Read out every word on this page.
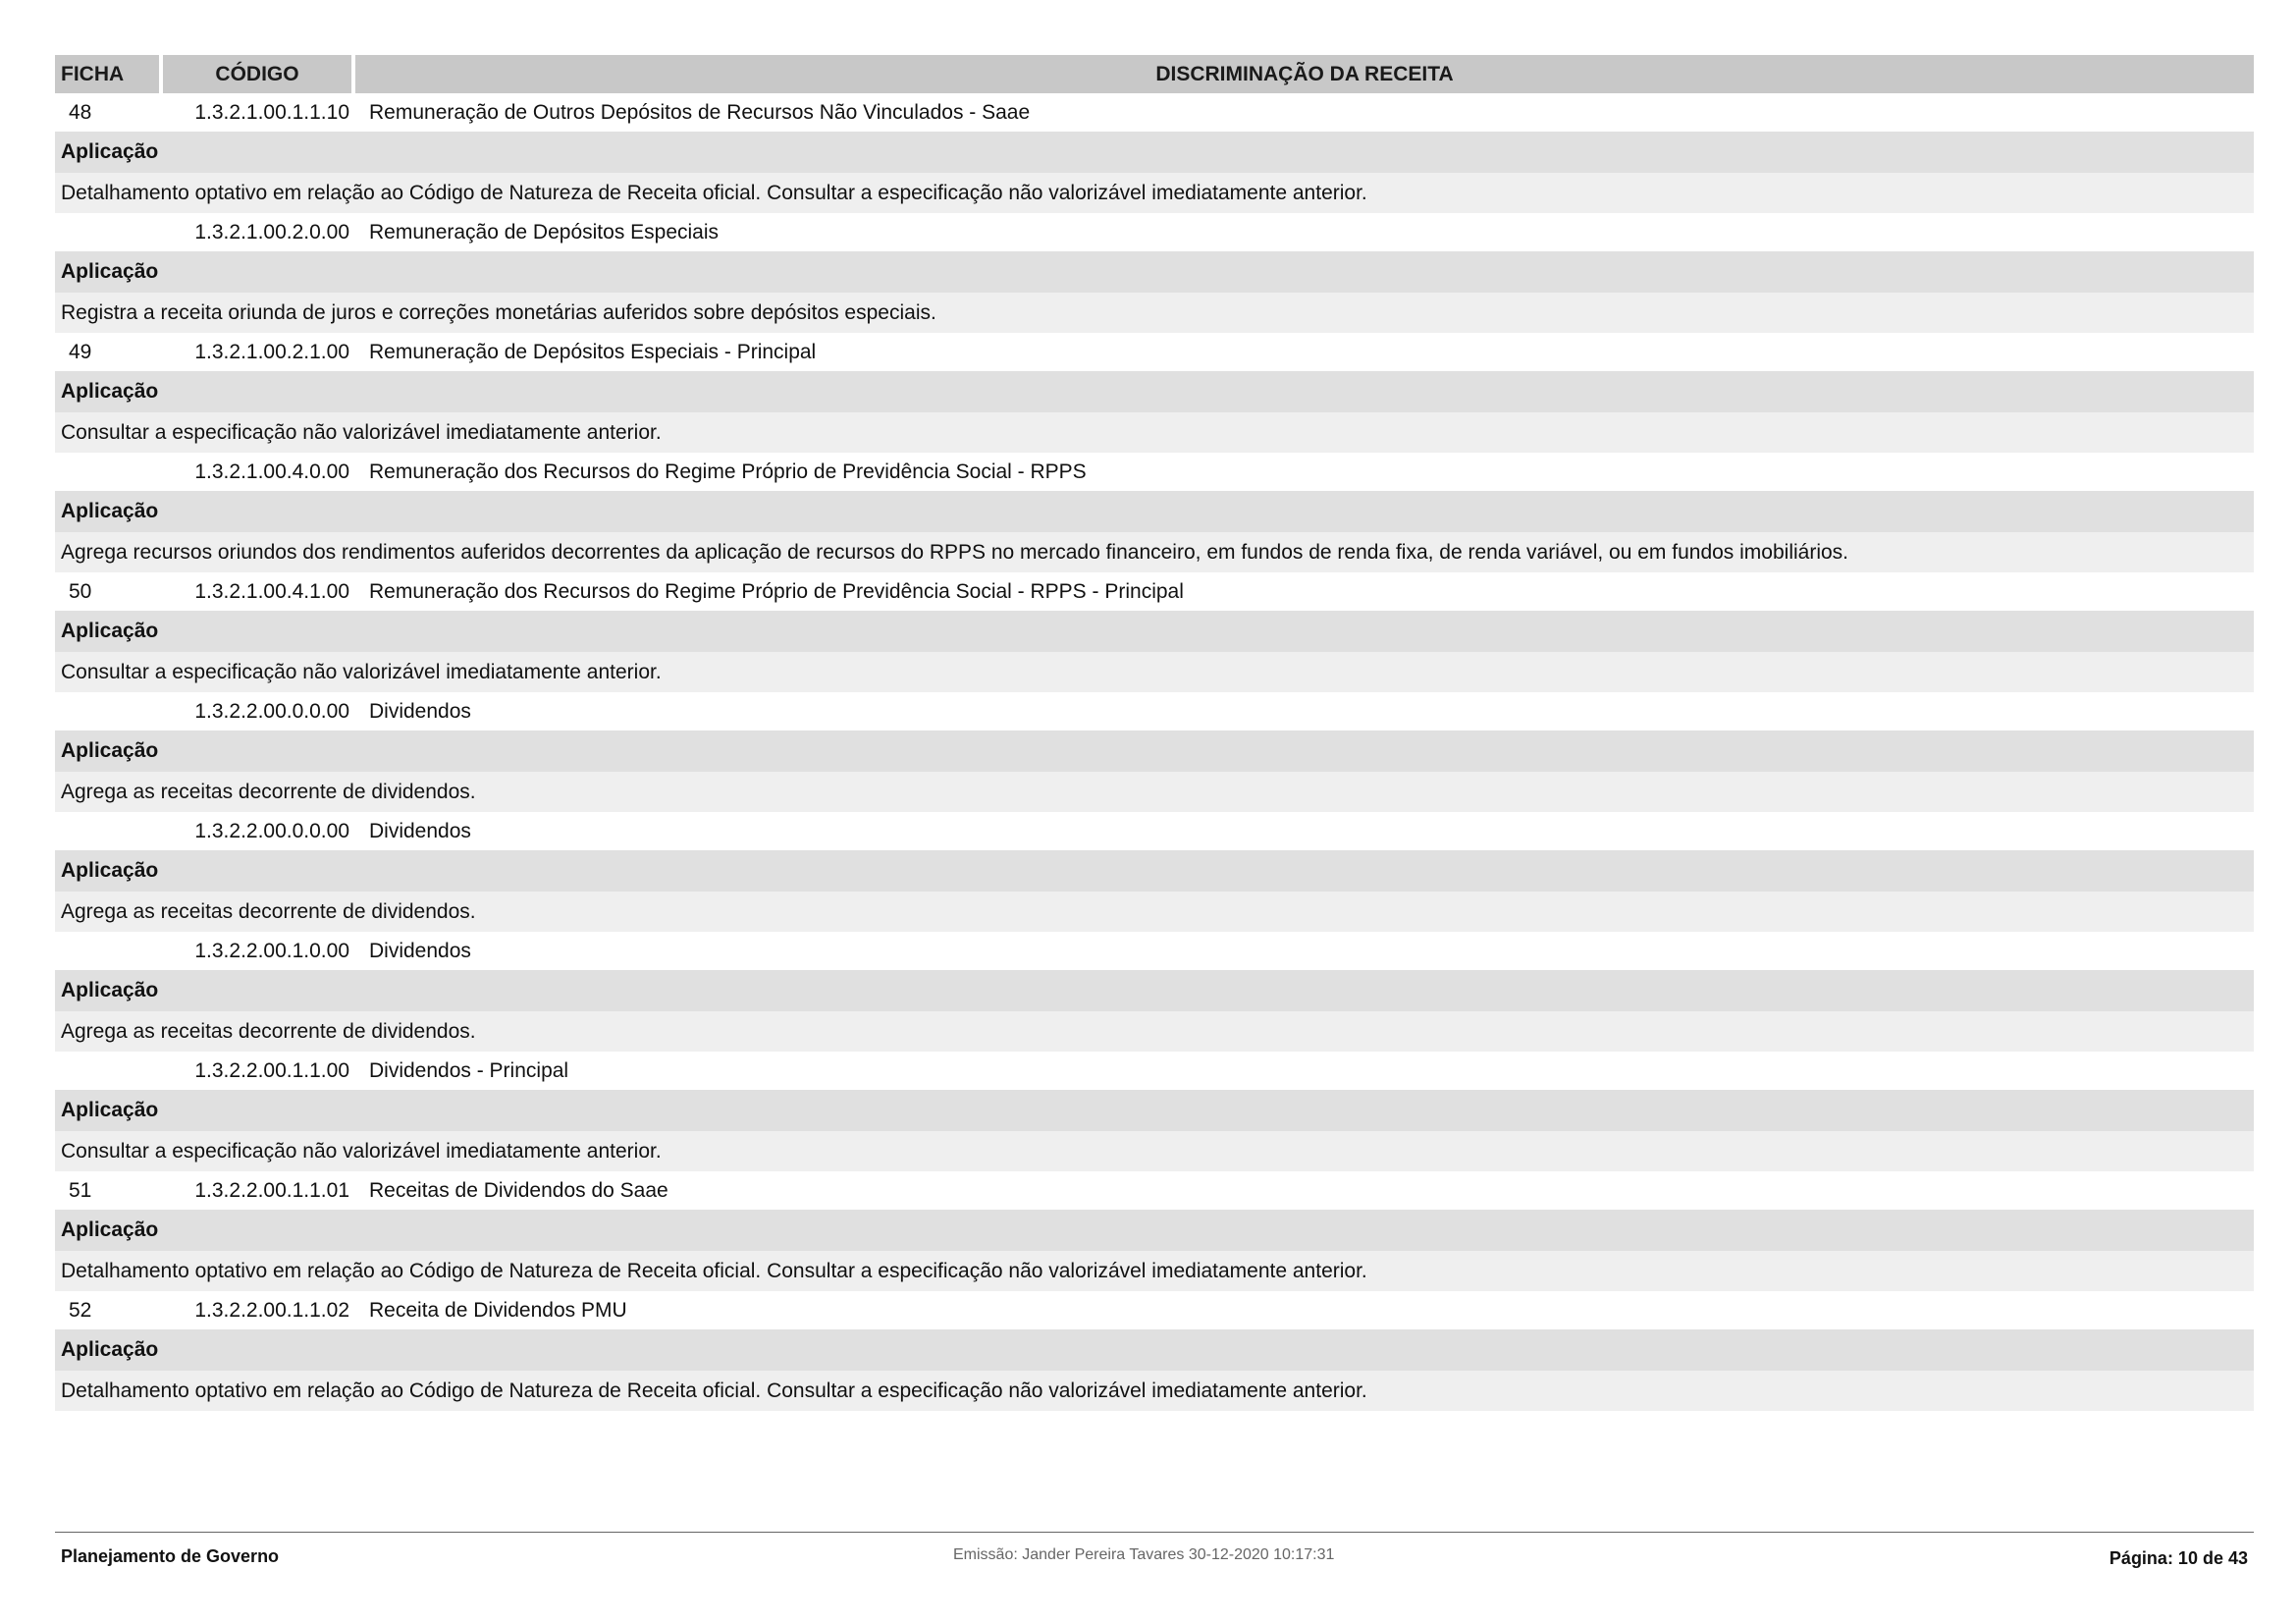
FICHA	CÓDIGO	DISCRIMINAÇÃO DA RECEITA
48	1.3.2.1.00.1.1.10 Remuneração de Outros Depósitos de Recursos Não Vinculados - Saae
Aplicação
Detalhamento optativo em relação ao Código de Natureza de Receita oficial. Consultar a especificação não valorizável imediatamente anterior.
1.3.2.1.00.2.0.00 Remuneração de Depósitos Especiais
Aplicação
Registra a receita oriunda de juros e correções monetárias auferidos sobre depósitos especiais.
49	1.3.2.1.00.2.1.00 Remuneração de Depósitos Especiais - Principal
Aplicação
Consultar a especificação não valorizável imediatamente anterior.
1.3.2.1.00.4.0.00 Remuneração dos Recursos do Regime Próprio de Previdência Social - RPPS
Aplicação
Agrega recursos oriundos dos rendimentos auferidos decorrentes da aplicação de recursos do RPPS no mercado financeiro, em fundos de renda fixa, de renda variável, ou em fundos imobiliários.
50	1.3.2.1.00.4.1.00 Remuneração dos Recursos do Regime Próprio de Previdência Social - RPPS - Principal
Aplicação
Consultar a especificação não valorizável imediatamente anterior.
1.3.2.2.00.0.0.00 Dividendos
Aplicação
Agrega as receitas decorrente de dividendos.
1.3.2.2.00.0.0.00 Dividendos
Aplicação
Agrega as receitas decorrente de dividendos.
1.3.2.2.00.1.0.00 Dividendos
Aplicação
Agrega as receitas decorrente de dividendos.
1.3.2.2.00.1.1.00 Dividendos - Principal
Aplicação
Consultar a especificação não valorizável imediatamente anterior.
51	1.3.2.2.00.1.1.01 Receitas de Dividendos do Saae
Aplicação
Detalhamento optativo em relação ao Código de Natureza de Receita oficial. Consultar a especificação não valorizável imediatamente anterior.
52	1.3.2.2.00.1.1.02 Receita de Dividendos PMU
Aplicação
Detalhamento optativo em relação ao Código de Natureza de Receita oficial. Consultar a especificação não valorizável imediatamente anterior.
Planejamento de Governo	Emissão: Jander Pereira Tavares 30-12-2020 10:17:31	Página: 10 de 43
